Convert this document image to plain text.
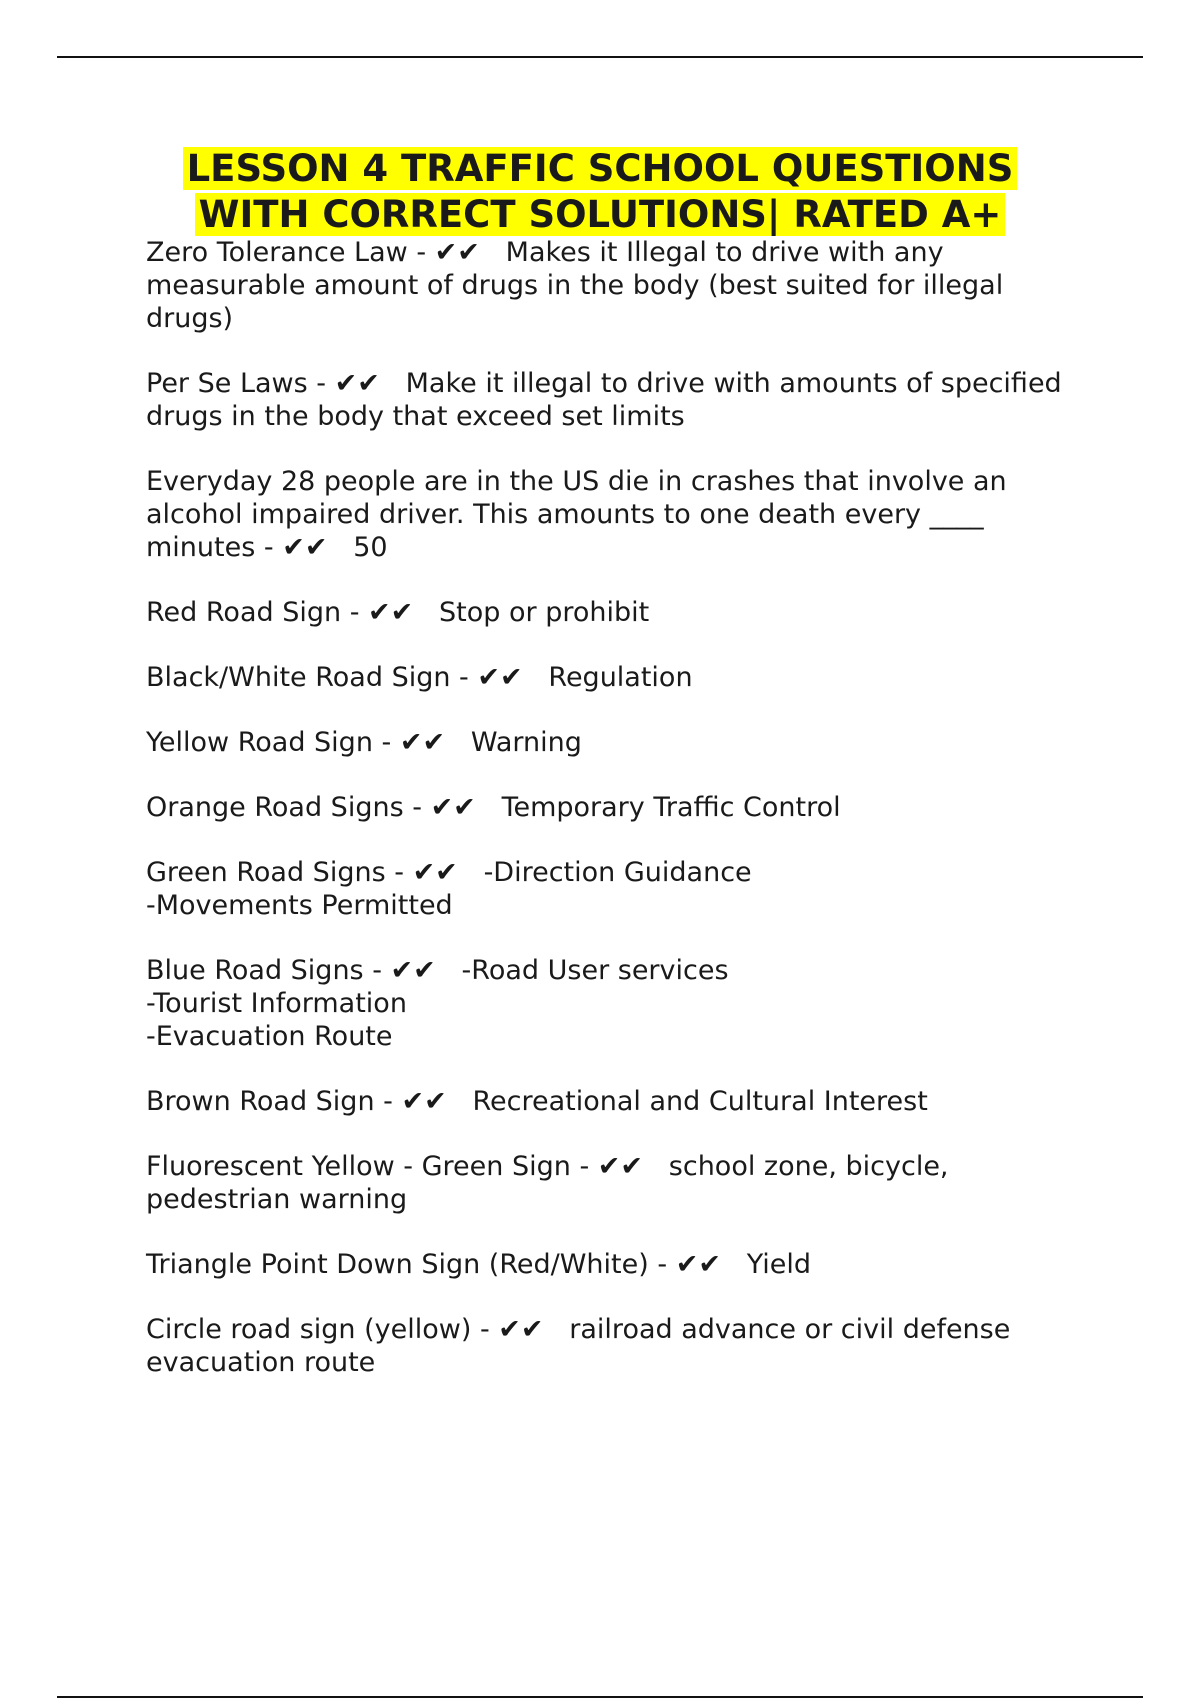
LESSON 4 TRAFFIC SCHOOL QUESTIONS
WITH CORRECT SOLUTIONS| RATED A+
Zero Tolerance Law - ✔✔ Makes it Illegal to drive with any measurable amount of drugs in the body (best suited for illegal drugs)
Per Se Laws - ✔✔ Make it illegal to drive with amounts of specified drugs in the body that exceed set limits
Everyday 28 people are in the US die in crashes that involve an alcohol impaired driver. This amounts to one death every ____ minutes - ✔✔ 50
Red Road Sign - ✔✔ Stop or prohibit
Black/White Road Sign - ✔✔ Regulation
Yellow Road Sign - ✔✔ Warning
Orange Road Signs - ✔✔ Temporary Traffic Control
Green Road Signs - ✔✔ -Direction Guidance
-Movements Permitted
Blue Road Signs - ✔✔ -Road User services
-Tourist Information
-Evacuation Route
Brown Road Sign - ✔✔ Recreational and Cultural Interest
Fluorescent Yellow - Green Sign - ✔✔ school zone, bicycle, pedestrian warning
Triangle Point Down Sign (Red/White) - ✔✔ Yield
Circle road sign (yellow) - ✔✔ railroad advance or civil defense evacuation route
